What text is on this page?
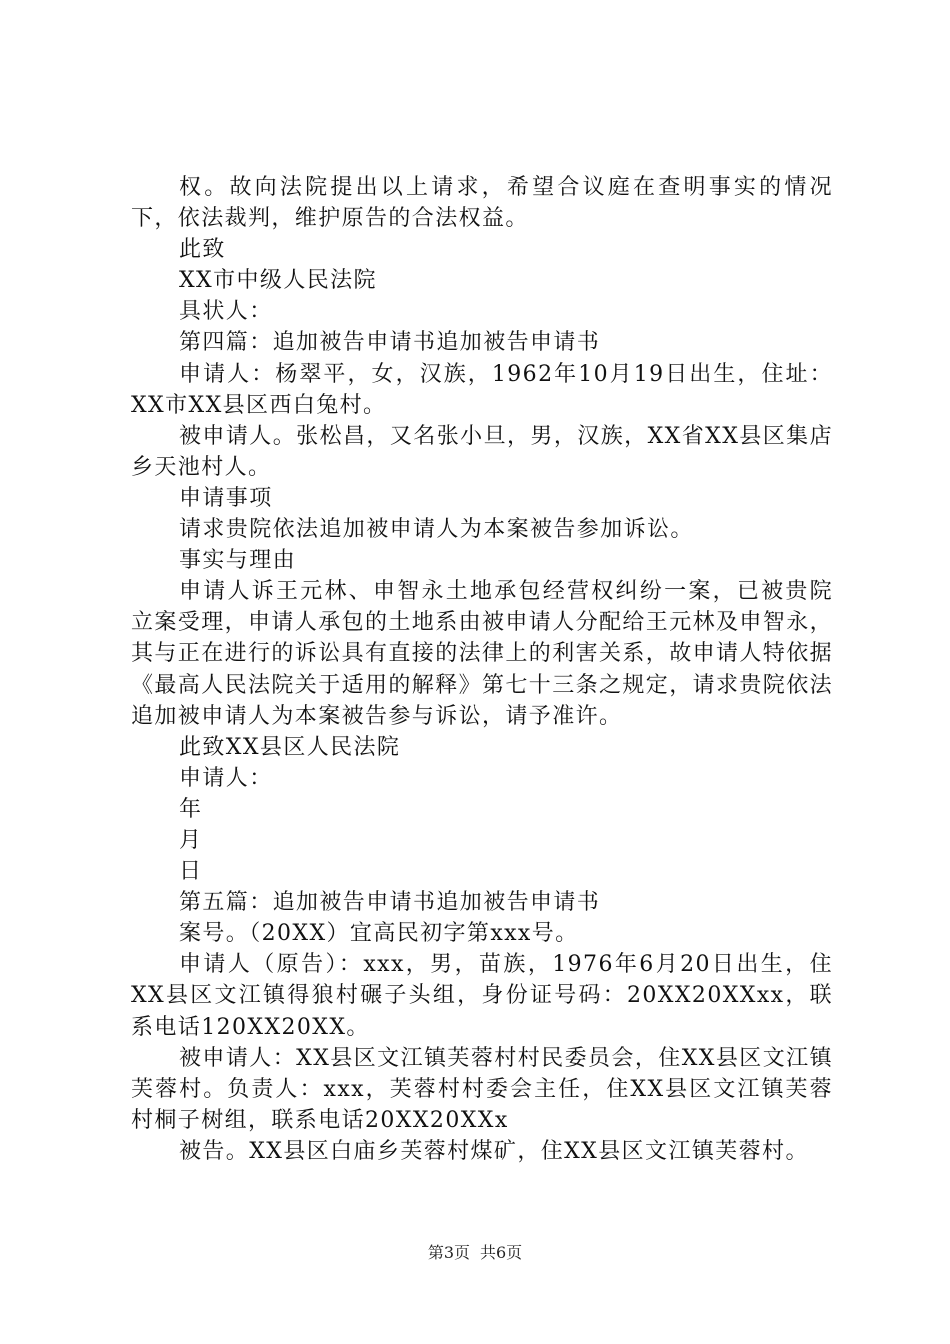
权。故向法院提出以上请求，希望合议庭在查明事实的情况下，依法裁判，维护原告的合法权益。

此致

XX市中级人民法院

具状人：

第四篇：追加被告申请书追加被告申请书

申请人：杨翠平，女，汉族，1962年10月19日出生，住址：XX市XX县区西白兔村。

被申请人。张松昌，又名张小旦，男，汉族，XX省XX县区集店乡天池村人。

申请事项

请求贵院依法追加被申请人为本案被告参加诉讼。

事实与理由

申请人诉王元林、申智永土地承包经营权纠纷一案，已被贵院立案受理，申请人承包的土地系由被申请人分配给王元林及申智永，其与正在进行的诉讼具有直接的法律上的利害关系，故申请人特依据《最高人民法院关于适用的解释》第七十三条之规定，请求贵院依法追加被申请人为本案被告参与诉讼，请予准许。

此致XX县区人民法院

申请人：

年

月

日

第五篇：追加被告申请书追加被告申请书

案号。（20XX）宜高民初字第xxx号。

申请人（原告）：xxx，男，苗族，1976年6月20日出生，住XX县区文江镇得狼村碾子头组，身份证号码：20XX20XXxx，联系电话120XX20XX。

被申请人：XX县区文江镇芙蓉村村民委员会，住XX县区文江镇芙蓉村。负责人：xxx，芙蓉村村委会主任，住XX县区文江镇芙蓉村桐子树组，联系电话20XX20XXx

被告。XX县区白庙乡芙蓉村煤矿，住XX县区文江镇芙蓉村。

第3页 共6页
